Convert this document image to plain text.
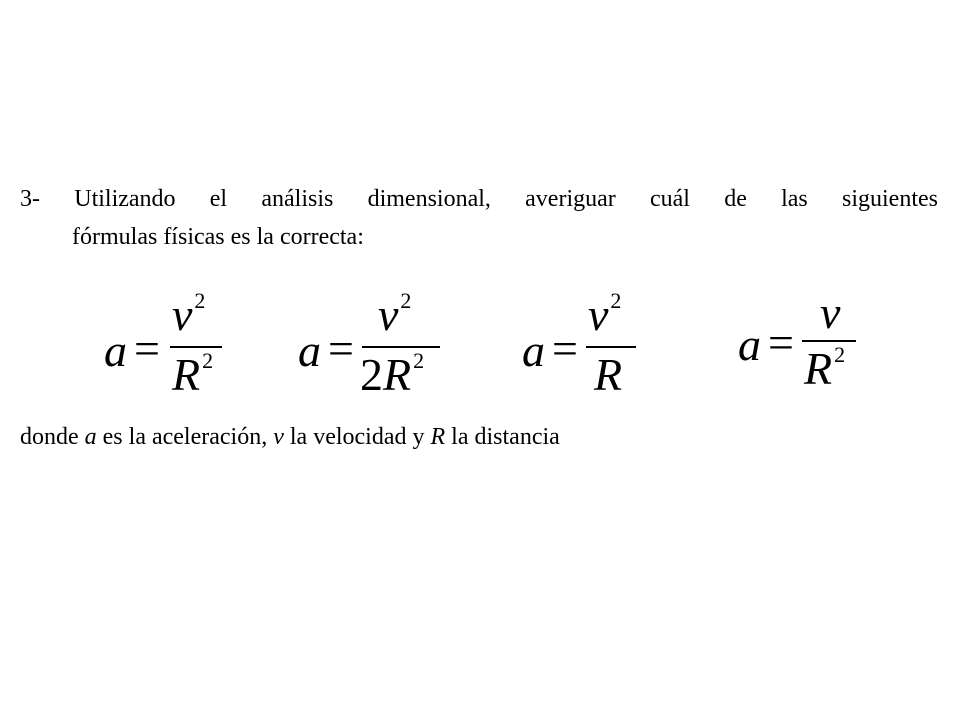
3- Utilizando el análisis dimensional, averiguar cuál de las siguientes
fórmulas físicas es la correcta:
a =
$v^2$
$R^2$ a =
$v^2$
$2R^2$ a =
$v^2$
R
a =
v
$R^2$
donde a es la aceleración, v la velocidad y R la distancia
